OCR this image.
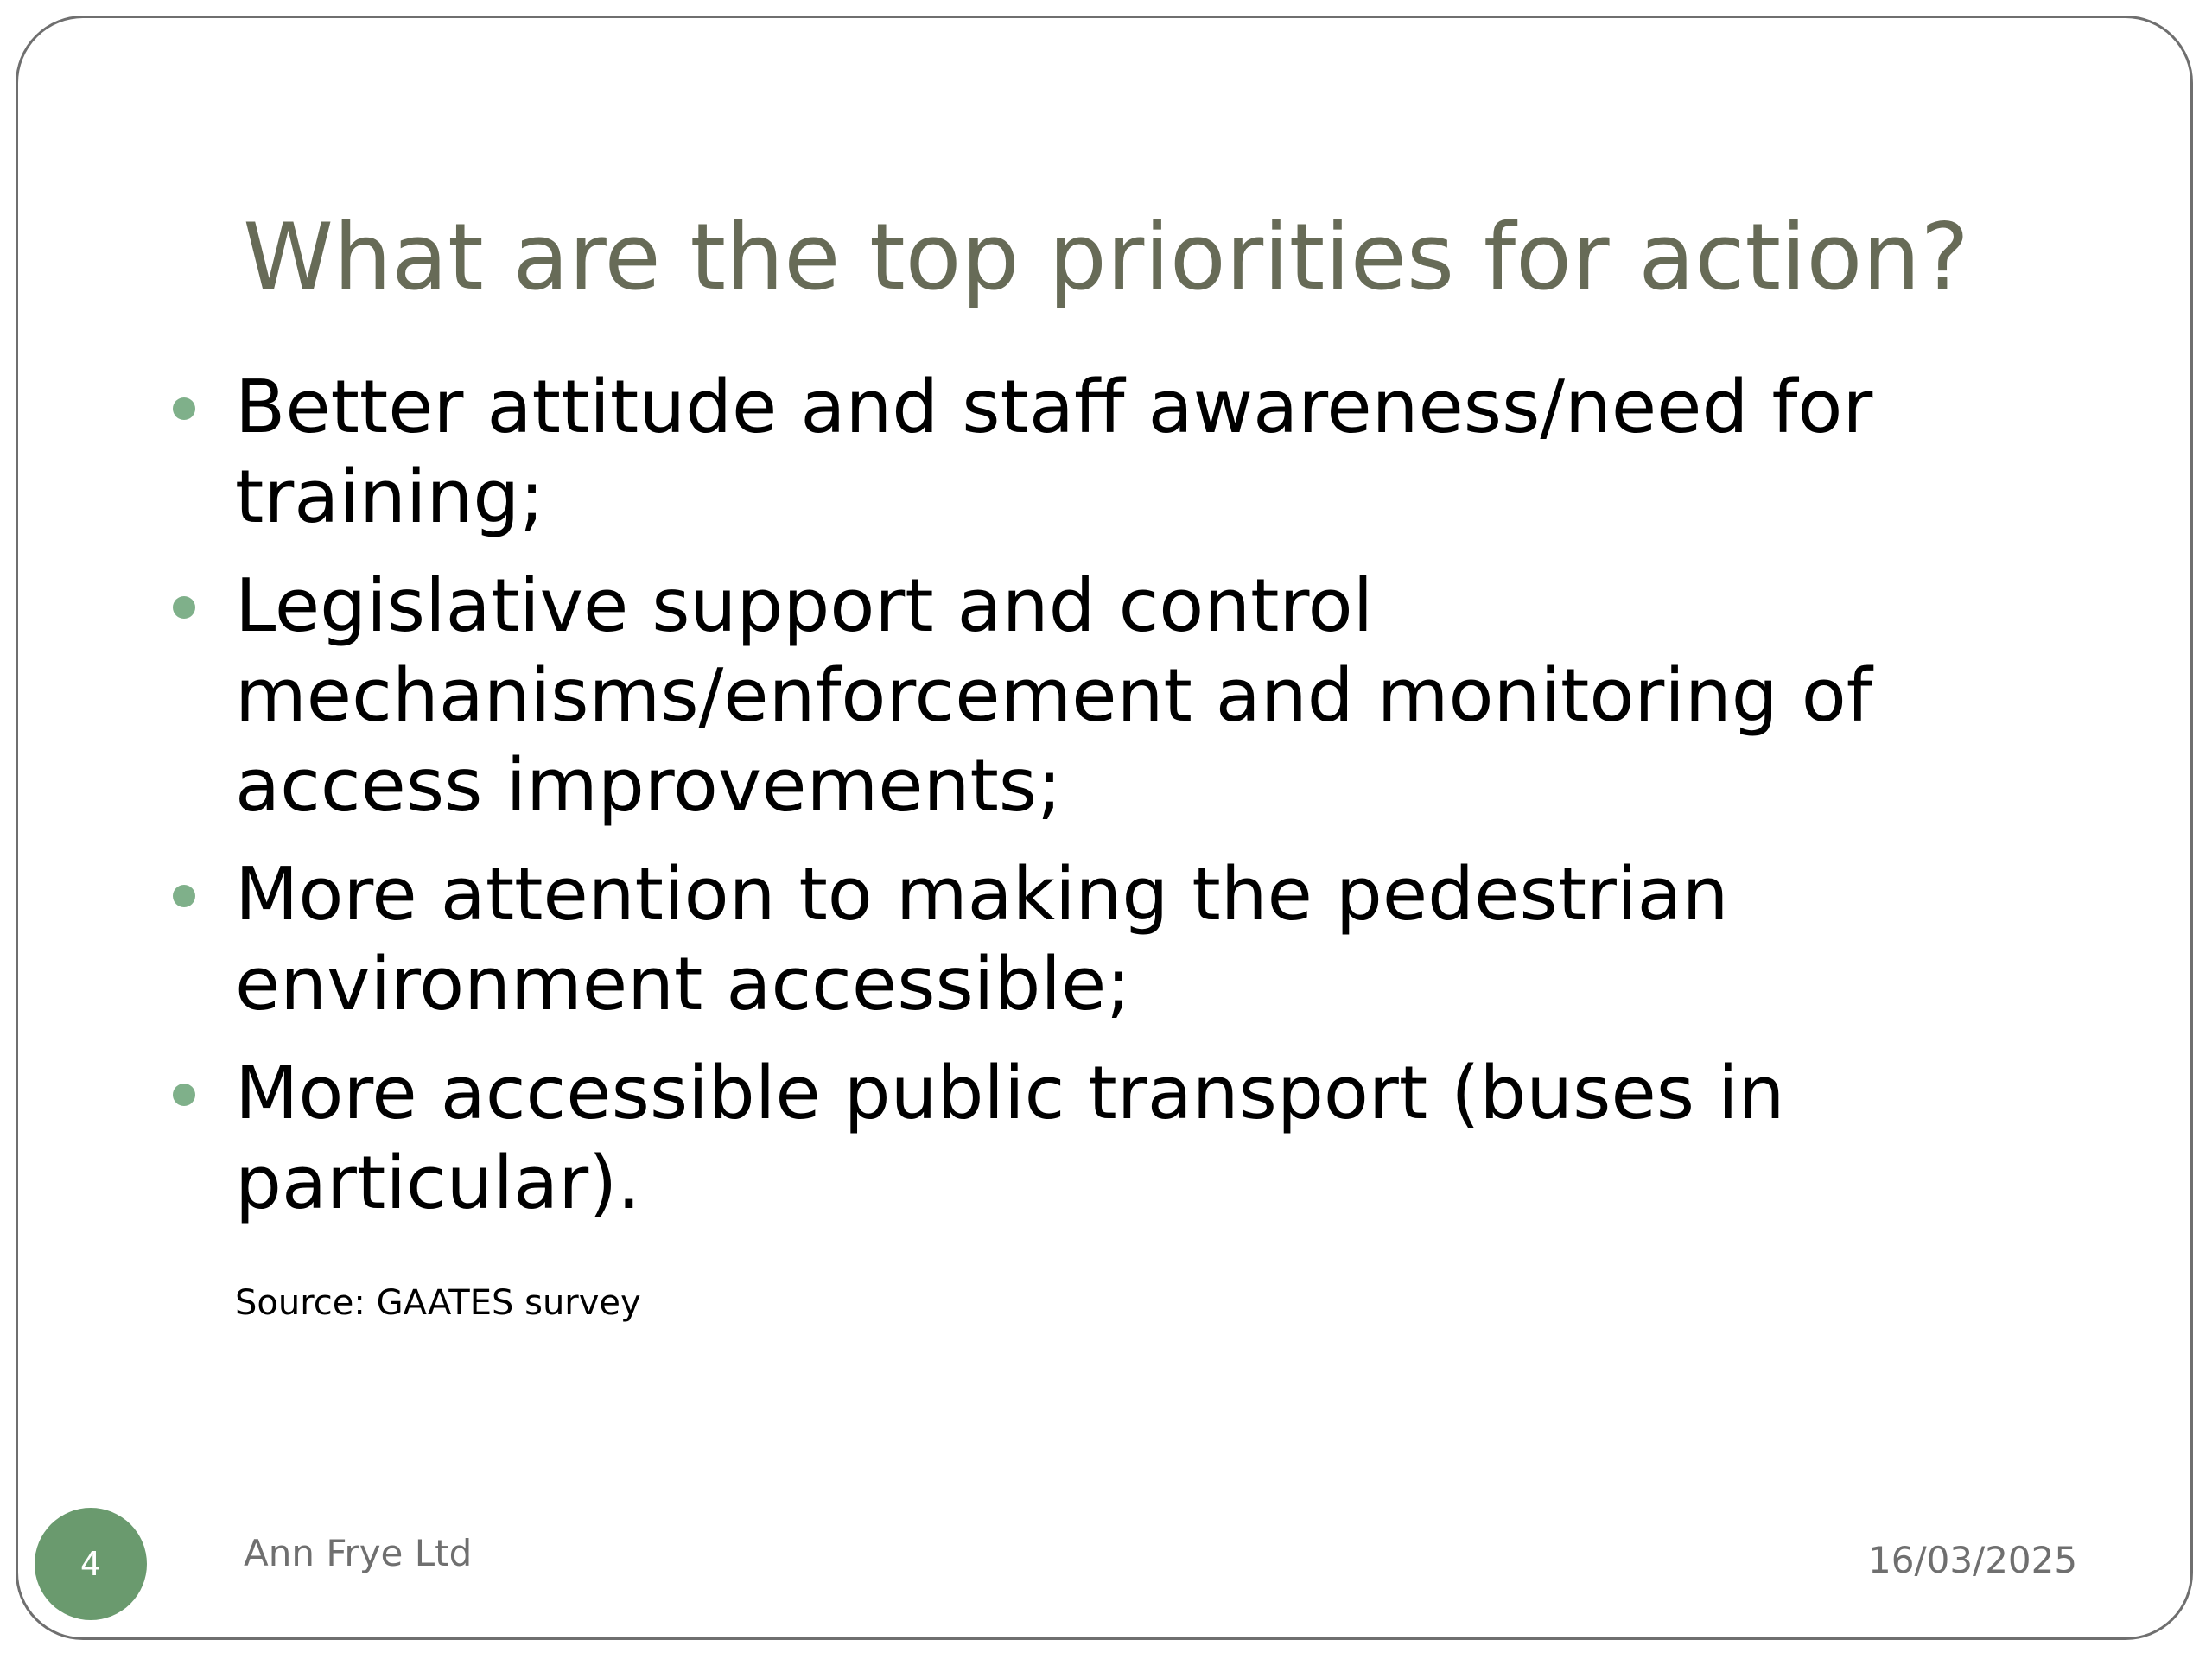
What are the top priorities for action?
Better attitude and staff awareness/need for training;
Legislative support and control mechanisms/enforcement and monitoring of access improvements;
More attention to making the pedestrian environment accessible;
More accessible public transport (buses in particular).
Source: GAATES survey
4	Ann Frye Ltd	16/03/2025
